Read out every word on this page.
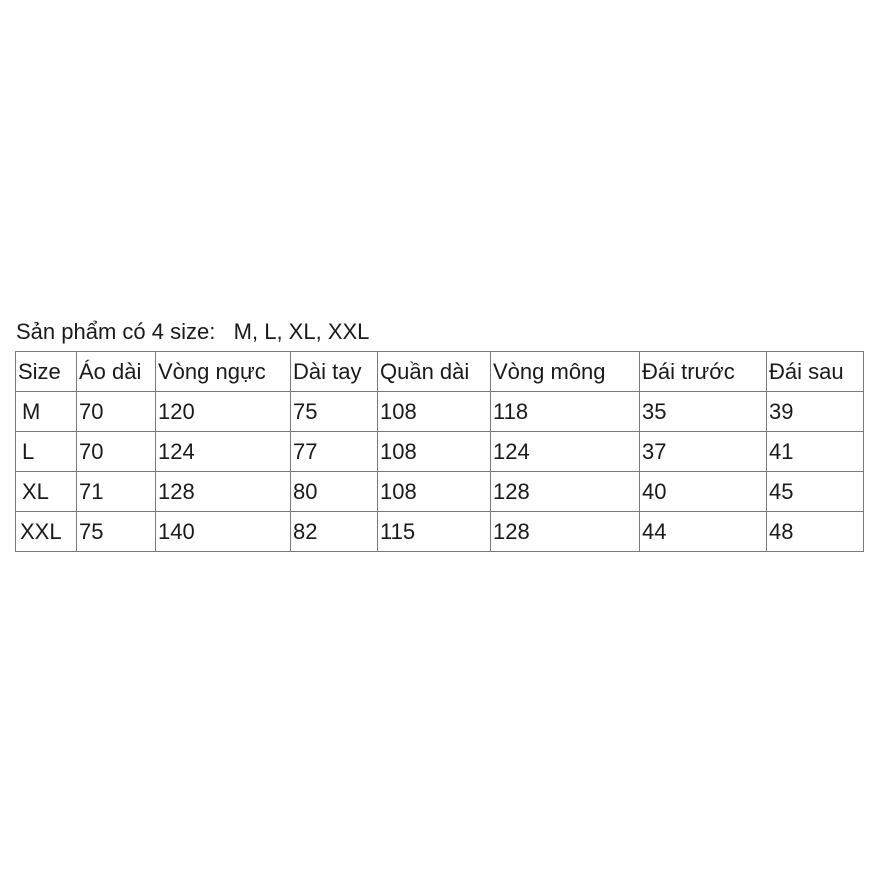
Sản phẩm có 4 size:   M, L, XL, XXL
Size	Áo dài	Vòng ngực	Dài tay	Quần dài	Vòng mông	Đái trước	Đái sau
M	70	120	75	108	118	35	39
L	70	124	77	108	124	37	41
XL	71	128	80	108	128	40	45
XXL	75	140	82	115	128	44	48
